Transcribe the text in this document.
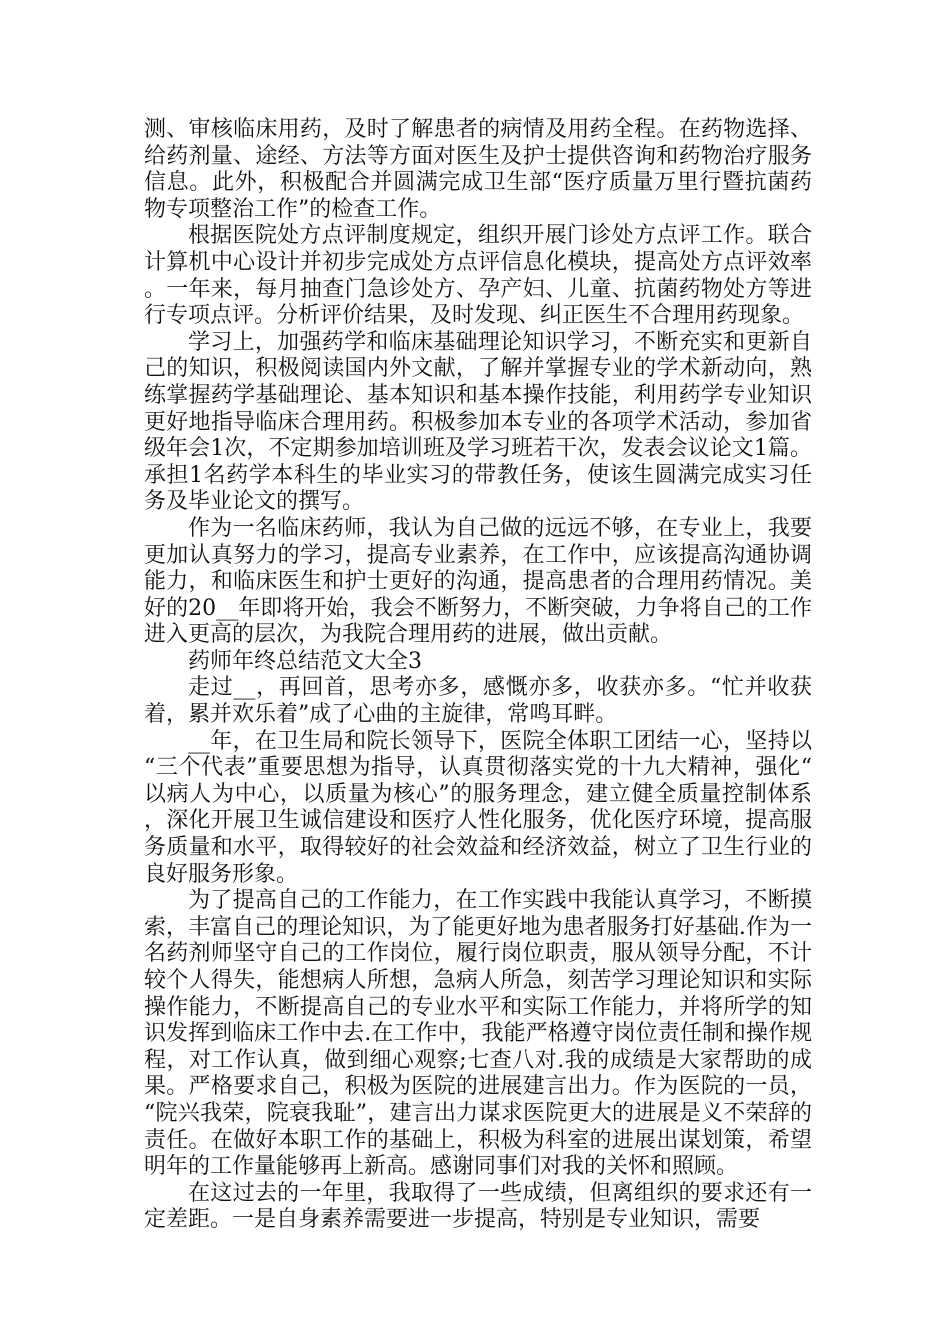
测、审核临床用药，及时了解患者的病情及用药全程。在药物选择、给药剂量、途经、方法等方面对医生及护士提供咨询和药物治疗服务信息。此外，积极配合并圆满完成卫生部“医疗质量万里行暨抗菌药物专项整治工作”的检查工作。

根据医院处方点评制度规定，组织开展门诊处方点评工作。联合计算机中心设计并初步完成处方点评信息化模块，提高处方点评效率。一年来，每月抽查门急诊处方、孕产妇、儿童、抗菌药物处方等进行专项点评。分析评价结果，及时发现、纠正医生不合理用药现象。

学习上，加强药学和临床基础理论知识学习，不断充实和更新自己的知识，积极阅读国内外文献，了解并掌握专业的学术新动向，熟练掌握药学基础理论、基本知识和基本操作技能，利用药学专业知识更好地指导临床合理用药。积极参加本专业的各项学术活动，参加省级年会1次，不定期参加培训班及学习班若干次，发表会议论文1篇。承担1名药学本科生的毕业实习的带教任务，使该生圆满完成实习任务及毕业论文的撰写。

作为一名临床药师，我认为自己做的远远不够，在专业上，我要更加认真努力的学习，提高专业素养，在工作中，应该提高沟通协调能力，和临床医生和护士更好的沟通，提高患者的合理用药情况。美好的20__年即将开始，我会不断努力，不断突破，力争将自己的工作进入更高的层次，为我院合理用药的进展，做出贡献。

药师年终总结范文大全3

走过__，再回首，思考亦多，感慨亦多，收获亦多。“忙并收获着，累并欢乐着”成了心曲的主旋律，常鸣耳畔。

__年，在卫生局和院长领导下，医院全体职工团结一心，坚持以“三个代表”重要思想为指导，认真贯彻落实党的十九大精神，强化“以病人为中心，以质量为核心”的服务理念，建立健全质量控制体系，深化开展卫生诚信建设和医疗人性化服务，优化医疗环境，提高服务质量和水平，取得较好的社会效益和经济效益，树立了卫生行业的良好服务形象。

为了提高自己的工作能力，在工作实践中我能认真学习，不断摸索，丰富自己的理论知识，为了能更好地为患者服务打好基础.作为一名药剂师坚守自己的工作岗位，履行岗位职责，服从领导分配，不计较个人得失，能想病人所想，急病人所急，刻苦学习理论知识和实际操作能力，不断提高自己的专业水平和实际工作能力，并将所学的知识发挥到临床工作中去.在工作中，我能严格遵守岗位责任制和操作规程，对工作认真，做到细心观察;七查八对.我的成绩是大家帮助的成果。严格要求自己，积极为医院的进展建言出力。作为医院的一员，“院兴我荣，院衰我耻”，建言出力谋求医院更大的进展是义不荣辞的责任。在做好本职工作的基础上，积极为科室的进展出谋划策，希望明年的工作量能够再上新高。感谢同事们对我的关怀和照顾。

在这过去的一年里，我取得了一些成绩，但离组织的要求还有一定差距。一是自身素养需要进一步提高，特别是专业知识，需要
